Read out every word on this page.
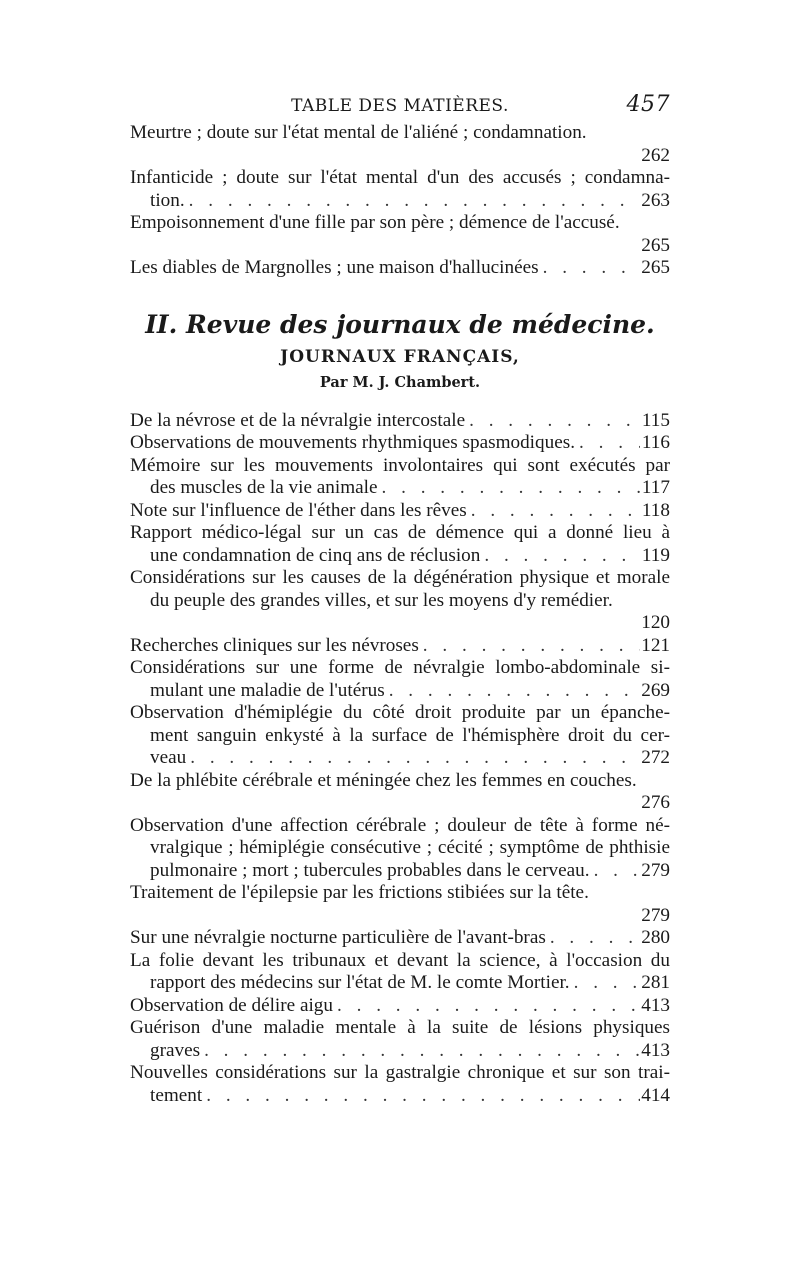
TABLE DES MATIÈRES.	457
Meurtre ; doute sur l'état mental de l'aliéné ; condamnation.
262
Infanticide ; doute sur l'état mental d'un des accusés ; condamna-
tion. . . .	263
Empoisonnement d'une fille par son père ; démence de l'accusé.
265
Les diables de Margnolles ; une maison d'hallucinées . . .	265
II. Revue des journaux de médecine.
JOURNAUX FRANÇAIS,
Par M. J. Chambert.
De la névrose et de la névralgie intercostale . . .	115
Observations de mouvements rhythmiques spasmodiques. . . .	116
Mémoire sur les mouvements involontaires qui sont exécutés par
des muscles de la vie animale . . .	117
Note sur l'influence de l'éther dans les rêves . . .	118
Rapport médico-légal sur un cas de démence qui a donné lieu à
une condamnation de cinq ans de réclusion . . .	119
Considérations sur les causes de la dégénération physique et morale
du peuple des grandes villes, et sur les moyens d'y remédier.
120
Recherches cliniques sur les névroses . . .	121
Considérations sur une forme de névralgie lombo-abdominale si-
mulant une maladie de l'utérus . . .	269
Observation d'hémiplégie du côté droit produite par un épanche-
ment sanguin enkysté à la surface de l'hémisphère droit du cer-
veau . . .	272
De la phlébite cérébrale et méningée chez les femmes en couches.
276
Observation d'une affection cérébrale ; douleur de tête à forme né-
vralgique ; hémiplégie consécutive ; cécité ; symptôme de phthisie
pulmonaire ; mort ; tubercules probables dans le cerveau. . . .	279
Traitement de l'épilepsie par les frictions stibiées sur la tête.
279
Sur une névralgie nocturne particulière de l'avant-bras . . .	280
La folie devant les tribunaux et devant la science, à l'occasion du
rapport des médecins sur l'état de M. le comte Mortier. . . .	281
Observation de délire aigu . . .	413
Guérison d'une maladie mentale à la suite de lésions physiques
graves . . .	413
Nouvelles considérations sur la gastralgie chronique et sur son trai-
tement . . .	414
